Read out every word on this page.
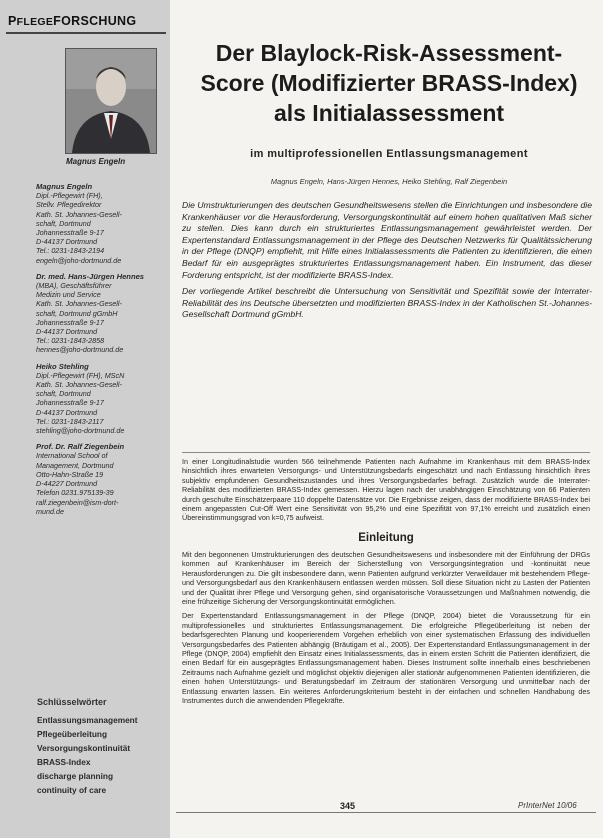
PFLEGEFORSCHUNG
Magnus Engeln
Magnus Engeln
Dipl.-Pflegewirt (FH),
Stellv. Pflegedirektor
Kath. St. Johannes-Gesell-
schaft, Dortmund
Johannesstraße 9-17
D-44137 Dortmund
Tel.: 0231-1843-2194
engeln@joho-dortmund.de
Dr. med. Hans-Jürgen Hennes
(MBA), Geschäftsführer
Medizin und Service
Kath. St. Johannes-Gesell-
schaft, Dortmund gGmbH
Johannesstraße 9-17
D-44137 Dortmund
Tel.: 0231-1843-2858
hennes@joho-dortmund.de
Heiko Stehling
Dipl.-Pflegewirt (FH), MScN
Kath. St. Johannes-Gesell-
schaft, Dortmund
Johannesstraße 9-17
D-44137 Dortmund
Tel.: 0231-1843-2117
stehling@joho-dortmund.de
Prof. Dr. Ralf Ziegenbein
International School of
Management, Dortmund
Otto-Hahn-Straße 19
D-44227 Dortmund
Telefon 0231.975139-39
ralf.ziegenbein@ism-dort-
mund.de
Schlüsselwörter
Entlassungsmanagement
Pflegeüberleitung
Versorgungskontinuität
BRASS-Index
discharge planning
continuity of care
Der Blaylock-Risk-Assessment-
Score (Modifizierter BRASS-Index)
als Initialassessment
im multiprofessionellen Entlassungsmanagement
Magnus Engeln, Hans-Jürgen Hennes, Heiko Stehling, Ralf Ziegenbein

Die Umstrukturierungen des deutschen Gesundheitswesens stellen die Einrichtungen und insbesondere die Krankenhäuser vor die Herausforderung, Versorgungskontinuität auf einem hohen qualitativen Maß sicher zu stellen. Dies kann durch ein strukturiertes Entlassungsmanagement gewährleistet werden. Der Expertenstandard Entlassungsmanagement in der Pflege des Deutschen Netzwerks für Qualitätssicherung in der Pflege (DNQP) empfiehlt, mit Hilfe eines Initialassessments die Patienten zu identifizieren, die einen Bedarf für ein ausgeprägtes strukturiertes Entlassungsmanagement haben. Ein Instrument, das dieser Forderung entspricht, ist der modifizierte BRASS-Index.

Der vorliegende Artikel beschreibt die Untersuchung von Sensitivität und Spezifität sowie der Interrater-Reliabilität des ins Deutsche übersetzten und modifizierten BRASS-Index in der Katholischen St.-Johannes-Gesellschaft Dortmund gGmbH.

In einer Longitudinalstudie wurden 566 teilnehmende Patienten nach Aufnahme im Krankenhaus mit dem BRASS-Index hinsichtlich ihres erwarteten Versorgungs- und Unterstützungsbedarfs eingeschätzt und nach Entlassung hinsichtlich ihres subjektiv empfundenen Gesundheitszustandes und ihres Versorgungsbedarfes befragt. Zusätzlich wurde die Interrater-Reliabilität des modifizierten BRASS-Index gemessen. Hierzu lagen nach der unabhängigen Einschätzung von 66 Patienten durch geschulte Einschätzerpaare 110 doppelte Datensätze vor. Die Ergebnisse zeigen, dass der modifizierte BRASS-Index bei einem angepassten Cut-Off Wert eine Sensitivität von 95,2% und eine Spezifität von 97,1% erreicht und zusätzlich einen Übereinstimmungsgrad von k=0,75 aufweist.

Einleitung

Mit den begonnenen Umstrukturierungen des deutschen Gesundheitswesens und insbesondere mit der Einführung der DRGs kommen auf Krankenhäuser im Bereich der Sicherstellung von Versorgungsintegration und -kontinuität neue Herausforderungen zu. Die gilt insbesondere dann, wenn Patienten aufgrund verkürzter Verweildauer mit bestehendem Pflege- und Versorgungsbedarf aus den Krankenhäusern entlassen werden müssen. Soll diese Situation nicht zu Lasten der Patienten und der Qualität ihrer Pflege und Versorgung gehen, sind organisatorische Voraussetzungen und Maßnahmen notwendig, die eine frühzeitige Sicherung der Versorgungskontinuität ermöglichen.

Der Expertenstandard Entlassungsmanagement in der Pflege (DNQP, 2004) bietet die Voraussetzung für ein multiprofessionelles und strukturiertes Entlassungsmanagement. Die erfolgreiche Pflegeüberleitung ist neben der bedarfsgerechten Planung und kooperierendem Vorgehen erheblich von einer systematischen Erfassung des individuellen Versorgungsbedarfes des Patienten abhängig (Bräutigam et al., 2005). Der Expertenstandard Entlassungsmanagement in der Pflege (DNQP, 2004) empfiehlt den Einsatz eines Initialassessments, das in einem ersten Schritt die Patienten identifiziert, die einen Bedarf für ein ausgeprägtes Entlassungsmanagement haben. Dieses Instrument sollte innerhalb eines beschriebenen Zeitraums nach Aufnahme gezielt und möglichst objektiv diejenigen aller stationär aufgenommenen Patienten identifizieren, die einen hohen Unterstützungs- und Beratungsbedarf im Zeitraum der stationären Versorgung und unmittelbar nach der Entlassung erwarten lassen. Ein weiteres Anforderungskriterium besteht in der einfachen und schnellen Handhabung des Instrumentes durch die anwendenden Pflegekräfte.

345	PrInterNet 10/06
